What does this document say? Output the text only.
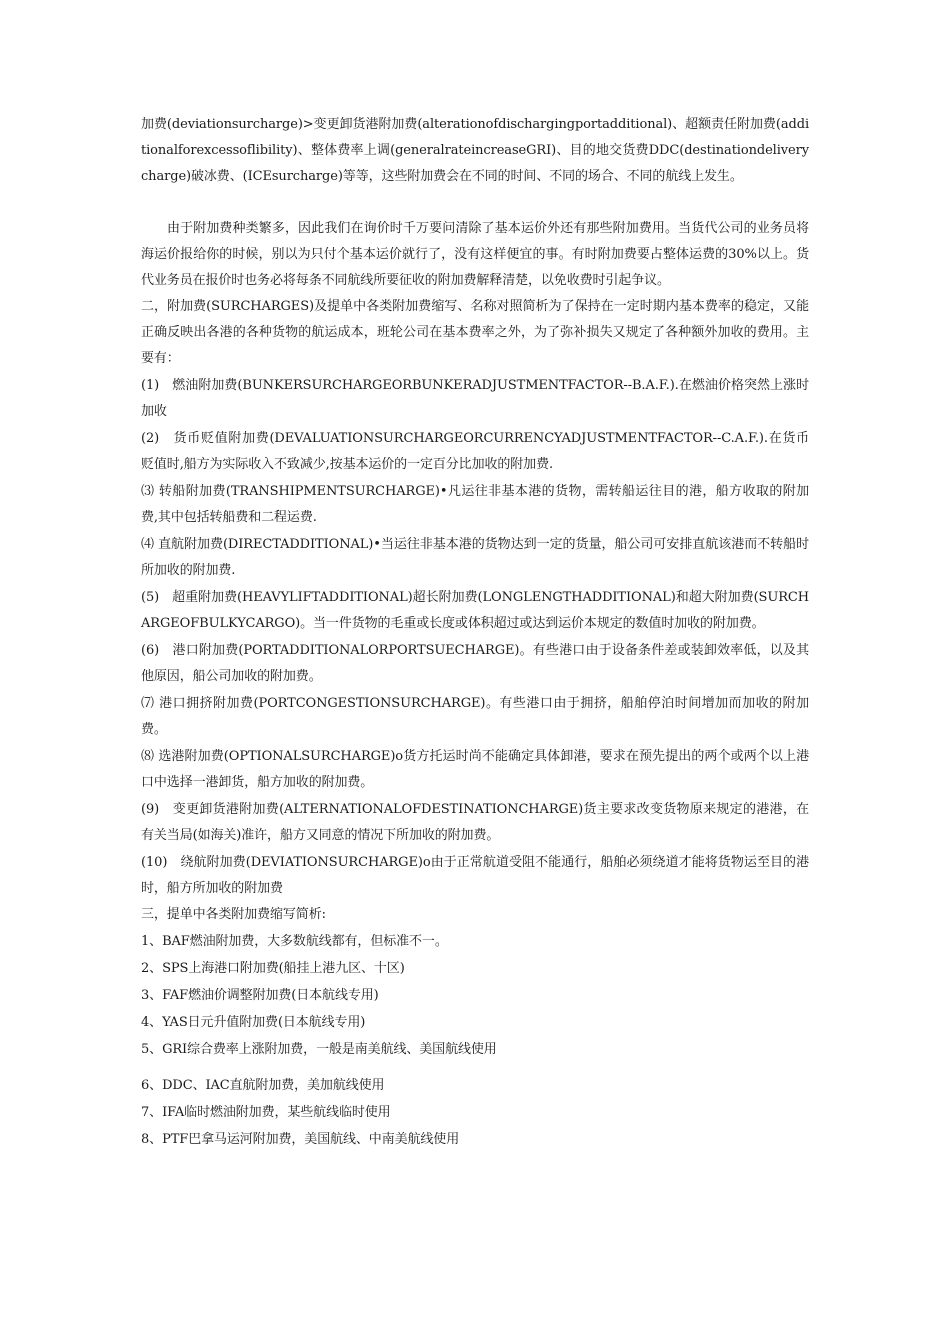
加费(deviationsurcharge)>变更卸货港附加费(alterationofdischargingportadditional)、超额责任附加费(additionalforexcessoflibility)、整体费率上调(generalrateincreaseGRI)、目的地交货费DDC(destinationdeliverycharge)破冰费、(ICEsurcharge)等等，这些附加费会在不同的时间、不同的场合、不同的航线上发生。

由于附加费种类繁多，因此我们在询价时千万要问清除了基本运价外还有那些附加费用。当货代公司的业务员将海运价报给你的时候，别以为只付个基本运价就行了，没有这样便宜的事。有时附加费要占整体运费的30%以上。货代业务员在报价时也务必将每条不同航线所要征收的附加费解释清楚，以免收费时引起争议。

二，附加费(SURCHARGES)及提单中各类附加费缩写、名称对照简析为了保持在一定时期内基本费率的稳定，又能正确反映出各港的各种货物的航运成本，班轮公司在基本费率之外，为了弥补损失又规定了各种额外加收的费用。主要有：

(1)　燃油附加费(BUNKERSURCHARGEORBUNKERADJUSTMENTFACTOR--B.A.F.).在燃油价格突然上涨时加收

(2)　货币贬值附加费(DEVALUATIONSURCHARGEORCURRENCYADJUSTMENTFACTOR--C.A.F.).在货币贬值时,船方为实际收入不致减少,按基本运价的一定百分比加收的附加费.

⑶ 转船附加费(TRANSHIPMENTSURCHARGE)•凡运往非基本港的货物，需转船运往目的港，船方收取的附加费,其中包括转船费和二程运费.

⑷ 直航附加费(DIRECTADDITIONAL)•当运往非基本港的货物达到一定的货量，船公司可安排直航该港而不转船时所加收的附加费.

(5)　超重附加费(HEAVYLIFTADDITIONAL)超长附加费(LONGLENGTHADDITIONAL)和超大附加费(SURCHARGEOFBULKYCARGO)。当一件货物的毛重或长度或体积超过或达到运价本规定的数值时加收的附加费。

(6)　港口附加费(PORTADDITIONALORPORTSUECHARGE)。有些港口由于设备条件差或装卸效率低，以及其他原因，船公司加收的附加费。

⑺ 港口拥挤附加费(PORTCONGESTIONSURCHARGE)。有些港口由于拥挤，船舶停泊时间增加而加收的附加费。

⑻ 选港附加费(OPTIONALSURCHARGE)o货方托运时尚不能确定具体卸港，要求在预先提出的两个或两个以上港口中选择一港卸货，船方加收的附加费。

(9)　变更卸货港附加费(ALTERNATIONALOFDESTINATIONCHARGE)货主要求改变货物原来规定的港港，在有关当局(如海关)准许，船方又同意的情况下所加收的附加费。

(10)　绕航附加费(DEVIATIONSURCHARGE)o由于正常航道受阻不能通行，船舶必须绕道才能将货物运至目的港时，船方所加收的附加费

三，提单中各类附加费缩写简析:

1、BAF燃油附加费，大多数航线都有，但标准不一。

2、SPS上海港口附加费(船挂上港九区、十区)

3、FAF燃油价调整附加费(日本航线专用)

4、YAS日元升值附加费(日本航线专用)

5、GRI综合费率上涨附加费，一般是南美航线、美国航线使用

6、DDC、IAC直航附加费，美加航线使用

7、IFA临时燃油附加费，某些航线临时使用

8、PTF巴拿马运河附加费，美国航线、中南美航线使用
